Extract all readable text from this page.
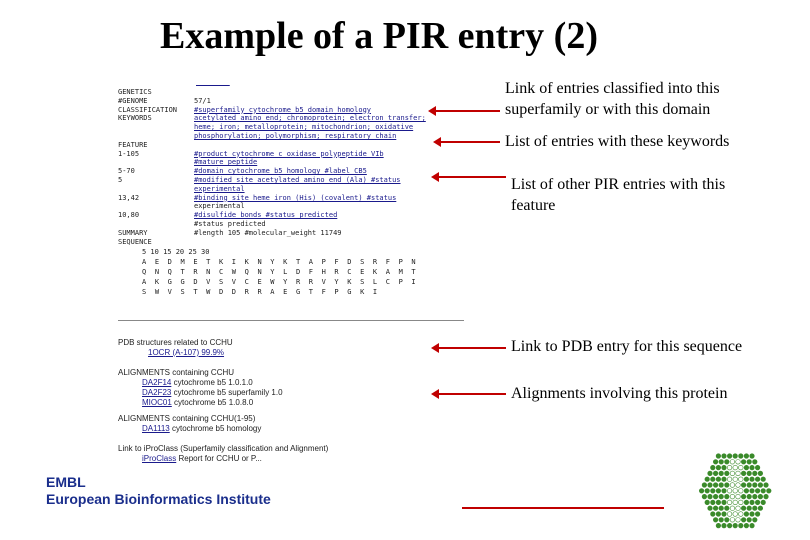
Example of a PIR entry (2)
________
GENETICS
#GENOME	57/1
CLASSIFICATION	#superfamily cytochrome b5 domain homology
KEYWORDS	acetylated amino end; chromoprotein; electron transfer;
heme; iron; metalloprotein; mitochondrion; oxidative
phosphorylation; polymorphism; respiratory chain
FEATURE
1-105	#product cytochrome c oxidase polypeptide VIb
#mature_peptide
5-70	#domain cytochrome b5 homology #label CB5
5	#modified_site acetylated amino end (Ala) #status
experimental
13,42	#binding_site heme iron (His) (covalent) #status
experimental
10,80	#disulfide_bonds #status predicted
#status predicted
SUMMARY	#length 105 #molecular_weight 11749
SEQUENCE
5 10 15 20 25 30
A E D M E T K I K N Y K T A P F D S R F P N
Q N Q T R N C W Q N Y L D F H R C E K A M T
A K G G D V S V C E W Y R R V Y K S L C P I
S W V S T W D D R R A E G T F P G K I
PDB structures related to CCHU
1OCR (A-107) 99.9%
ALIGNMENTS containing CCHU
DA2F14 cytochrome b5 1.0.1.0
DA2F23 cytochrome b5 superfamily 1.0
MIOC01 cytochrome b5 1.0.8.0
ALIGNMENTS containing CCHU(1-95)
DA1113 cytochrome b5 homology
Link to iProClass (Superfamily classification and Alignment)
iProClass Report for CCHU or P...
Link of entries classified into this superfamily or with this domain
List of entries with these keywords
List of other PIR entries with this feature
Link to PDB entry for this sequence
Alignments involving this protein
EMBL
European Bioinformatics Institute
